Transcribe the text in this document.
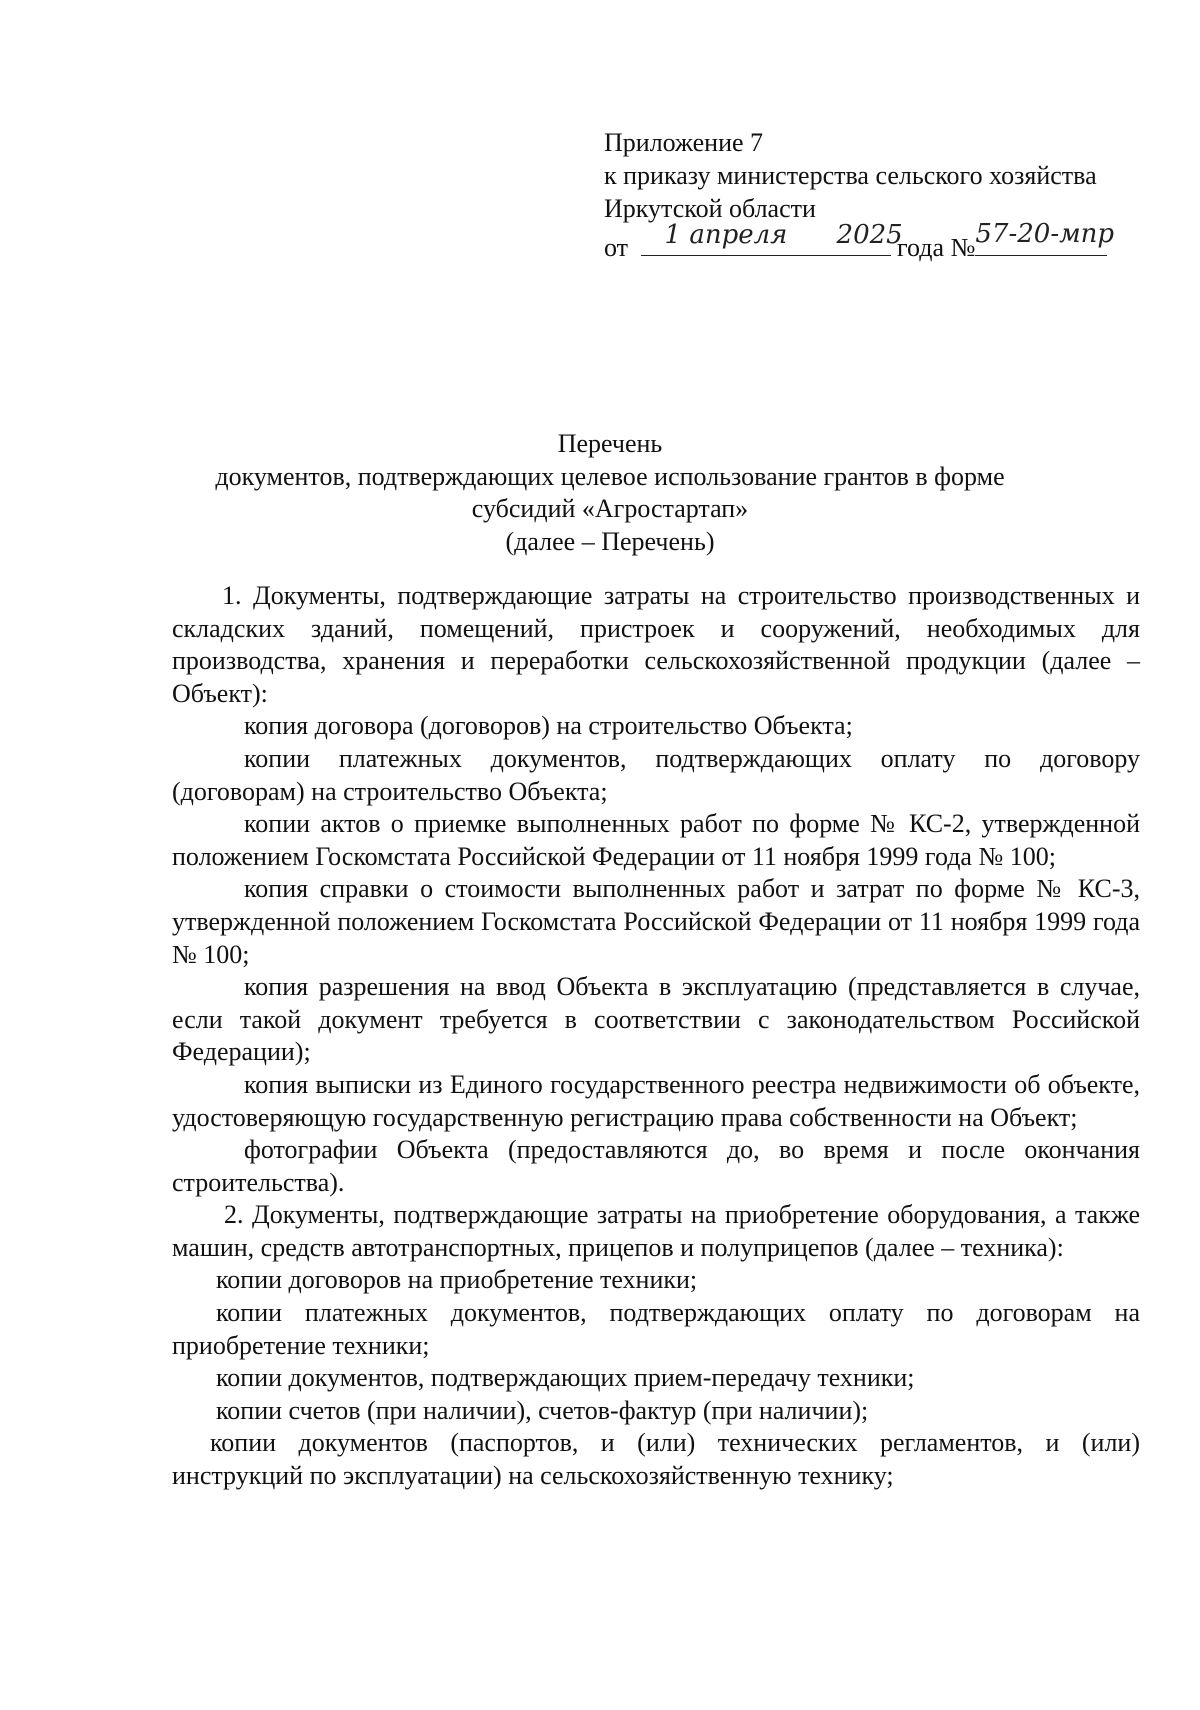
Приложение 7
к приказу министерства сельского хозяйства
Иркутской области
от 1 апреля 2025
года № 57-20-мпр
Перечень
документов, подтверждающих целевое использование грантов в форме
субсидий «Агростартап»
(далее – Перечень)

1. Документы, подтверждающие затраты на строительство производственных и складских зданий, помещений, пристроек и сооружений, необходимых для производства, хранения и переработки сельскохозяйственной продукции (далее – Объект):

копия договора (договоров) на строительство Объекта;

копии платежных документов, подтверждающих оплату по договору (договорам) на строительство Объекта;

копии актов о приемке выполненных работ по форме № КС-2, утвержденной положением Госкомстата Российской Федерации от 11 ноября 1999 года № 100;

копия справки о стоимости выполненных работ и затрат по форме № КС-3, утвержденной положением Госкомстата Российской Федерации от 11 ноября 1999 года № 100;

копия разрешения на ввод Объекта в эксплуатацию (представляется в случае, если такой документ требуется в соответствии с законодательством Российской Федерации);

копия выписки из Единого государственного реестра недвижимости об объекте, удостоверяющую государственную регистрацию права собственности на Объект;

фотографии Объекта (предоставляются до, во время и после окончания строительства).

2. Документы, подтверждающие затраты на приобретение оборудования, а также машин, средств автотранспортных, прицепов и полуприцепов (далее – техника):

копии договоров на приобретение техники;

копии платежных документов, подтверждающих оплату по договорам на приобретение техники;

копии документов, подтверждающих прием-передачу техники;

копии счетов (при наличии), счетов-фактур (при наличии);

копии документов (паспортов, и (или) технических регламентов, и (или) инструкций по эксплуатации) на сельскохозяйственную технику;
